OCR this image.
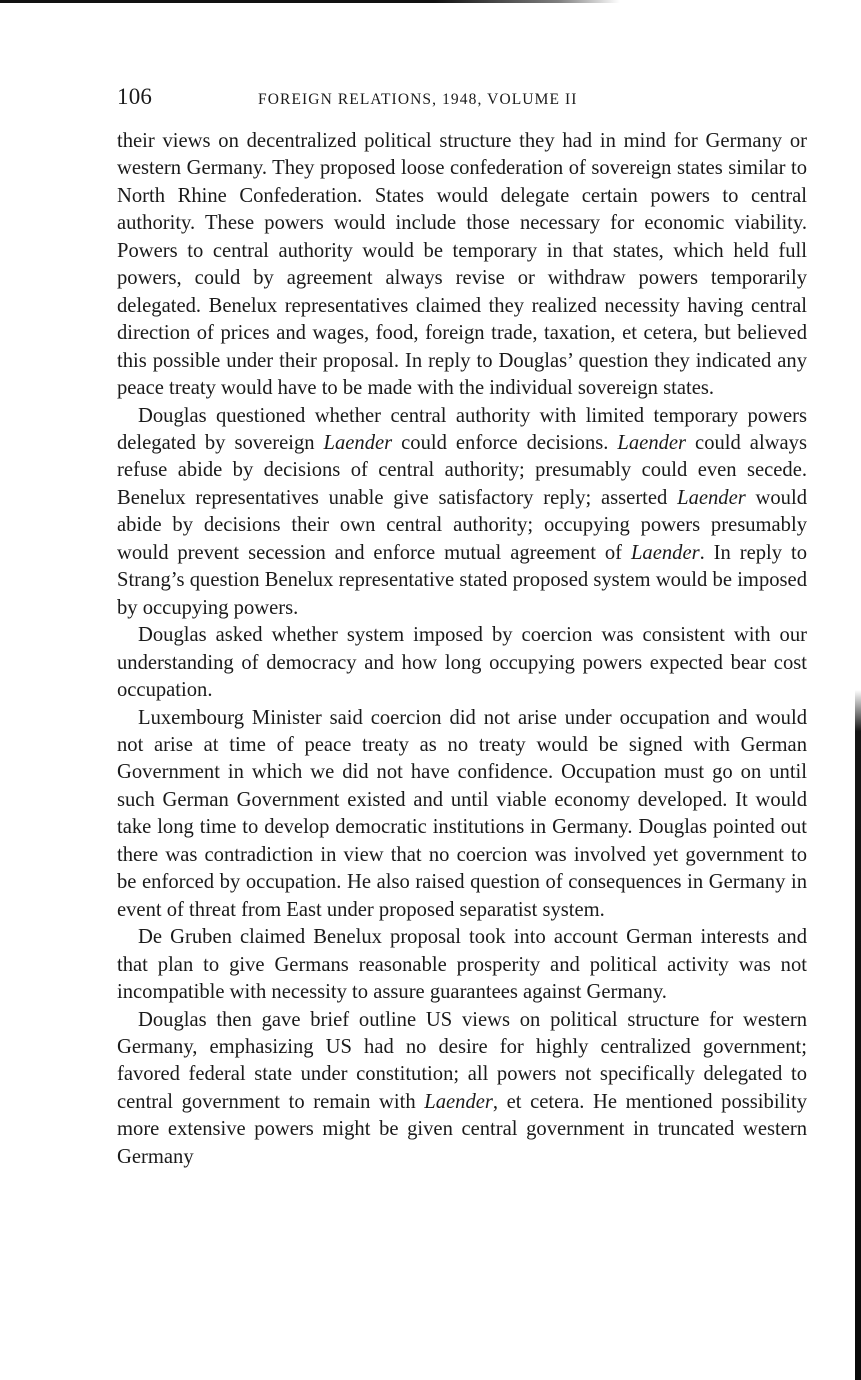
106	FOREIGN RELATIONS, 1948, VOLUME II

their views on decentralized political structure they had in mind for Germany or western Germany. They proposed loose confederation of sovereign states similar to North Rhine Confederation. States would delegate certain powers to central authority. These powers would include those necessary for economic viability. Powers to central authority would be temporary in that states, which held full powers, could by agreement always revise or withdraw powers temporarily delegated. Benelux representatives claimed they realized necessity having central direction of prices and wages, food, foreign trade, taxation, et cetera, but believed this possible under their proposal. In reply to Douglas’ question they indicated any peace treaty would have to be made with the individual sovereign states.

Douglas questioned whether central authority with limited temporary powers delegated by sovereign Laender could enforce decisions. Laender could always refuse abide by decisions of central authority; presumably could even secede. Benelux representatives unable give satisfactory reply; asserted Laender would abide by decisions their own central authority; occupying powers presumably would prevent secession and enforce mutual agreement of Laender. In reply to Strang’s question Benelux representative stated proposed system would be imposed by occupying powers.

Douglas asked whether system imposed by coercion was consistent with our understanding of democracy and how long occupying powers expected bear cost occupation.

Luxembourg Minister said coercion did not arise under occupation and would not arise at time of peace treaty as no treaty would be signed with German Government in which we did not have confidence. Occupation must go on until such German Government existed and until viable economy developed. It would take long time to develop democratic institutions in Germany. Douglas pointed out there was contradiction in view that no coercion was involved yet government to be enforced by occupation. He also raised question of consequences in Germany in event of threat from East under proposed separatist system.

De Gruben claimed Benelux proposal took into account German interests and that plan to give Germans reasonable prosperity and political activity was not incompatible with necessity to assure guarantees against Germany.

Douglas then gave brief outline US views on political structure for western Germany, emphasizing US had no desire for highly centralized government; favored federal state under constitution; all powers not specifically delegated to central government to remain with Laender, et cetera. He mentioned possibility more extensive powers might be given central government in truncated western Germany
